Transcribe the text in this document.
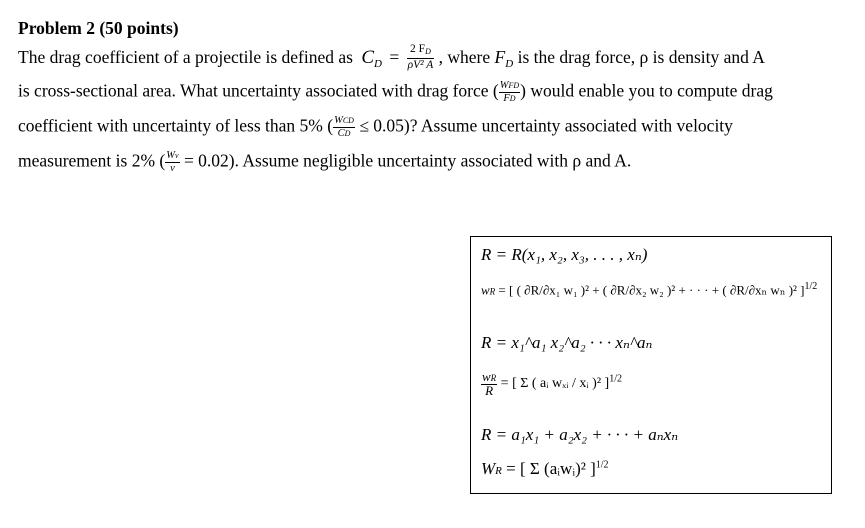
Problem 2 (50 points)
The drag coefficient of a projectile is defined as $C_D = \frac{2 F_D}{\text{ρV² A}}$ , where $F_D$ is the drag force, ρ is density and A
is cross-sectional area. What uncertainty associated with drag force ( $\frac{\text{WFD}}{FD}$ ) would enable you to compute drag
coefficient with uncertainty of less than 5% ( $\frac{\text{WCD}}{CD} \le 0.05$)? Assume uncertainty associated with velocity
measurement is 2% ( $\frac{Wv}{v} = 0.02$). Assume negligible uncertainty associated with ρ and A.
R = R(x₁, x₂, x₃, . . . , xₙ)
wR = [ ( ∂R/∂x₁ w₁ )² + ( ∂R/∂x₂ w₂ )² + · · · + ( ∂R/∂xₙ wₙ )² ]$^{1/2}$
R = x₁^a₁ x₂^a₂ · · · xₙ^aₙ
$\frac{wR}{R}$ = [ Σ ( aᵢ wₓᵢ / xᵢ )² ]$^{1/2}$
R = a₁x₁ + a₂x₂ + · · · + aₙxₙ
WR = [ Σ (aᵢwᵢ)² ]$^{1/2}$
